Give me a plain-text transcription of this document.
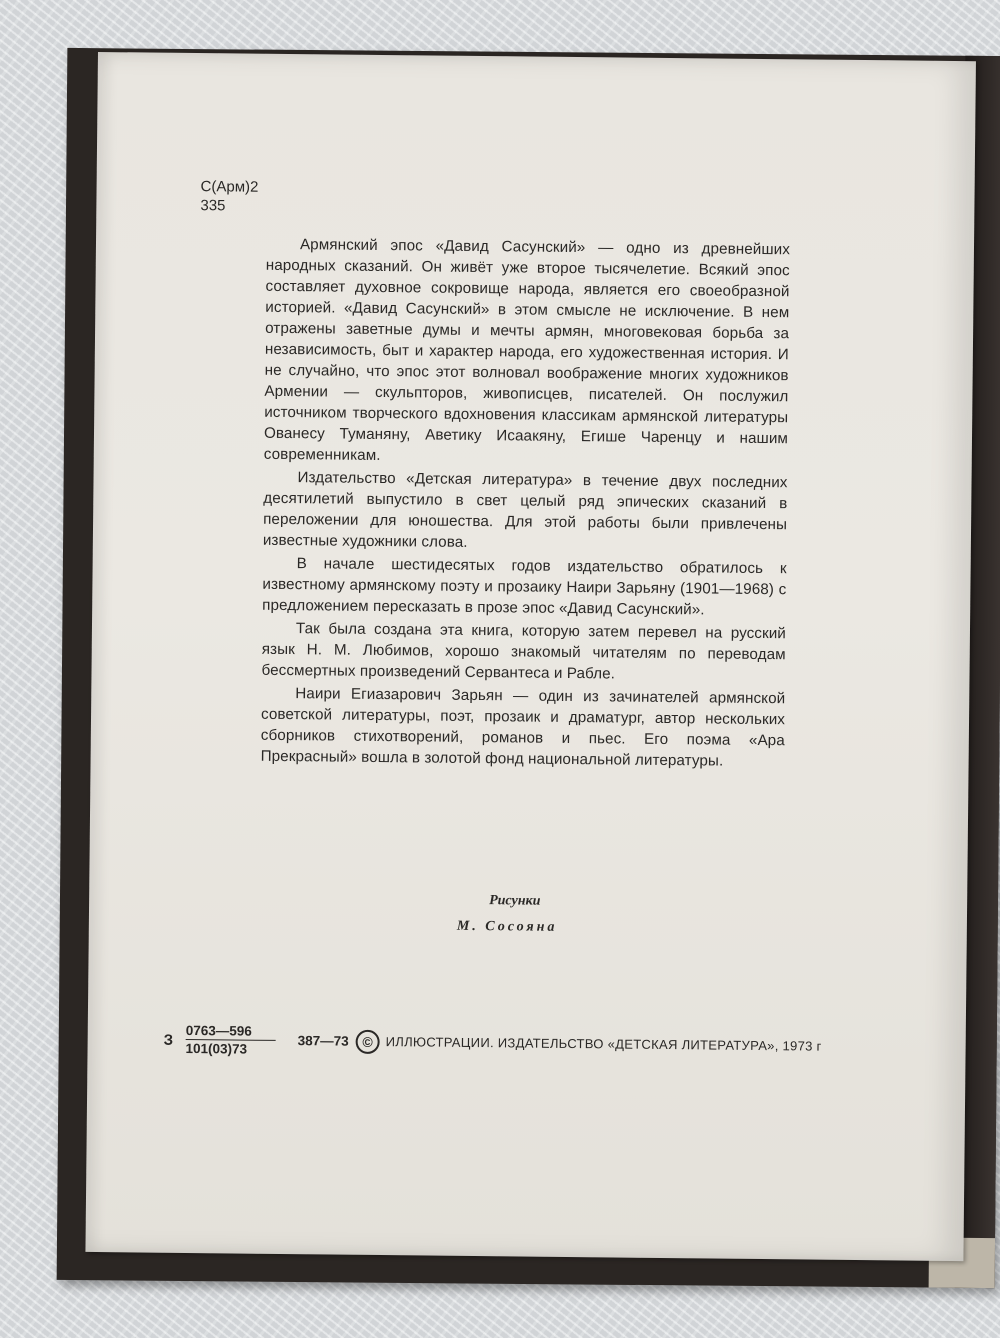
С(Арм)2
335

Армянский эпос «Давид Сасунский» — одно из древнейших народных сказаний. Он живёт уже второе тысячелетие. Всякий эпос составляет духовное сокровище народа, является его своеобразной историей. «Давид Сасунский» в этом смысле не исключение. В нем отражены заветные думы и мечты армян, многовековая борьба за независимость, быт и характер народа, его художественная история. И не случайно, что эпос этот волновал воображение многих художников Армении — скульпторов, живописцев, писателей. Он послужил источником творческого вдохновения классикам армянской литературы Ованесу Туманяну, Аветику Исаакяну, Егише Чаренцу и нашим современникам.

Издательство «Детская литература» в течение двух последних десятилетий выпустило в свет целый ряд эпических сказаний в переложении для юношества. Для этой работы были привлечены известные художники слова.

В начале шестидесятых годов издательство обратилось к известному армянскому поэту и прозаику Наири Зарьяну (1901—1968) с предложением пересказать в прозе эпос «Давид Сасунский».

Так была создана эта книга, которую затем перевел на русский язык Н. М. Любимов, хорошо знакомый читателям по переводам бессмертных произведений Сервантеса и Рабле.

Наири Егиазарович Зарьян — один из зачинателей армянской советской литературы, поэт, прозаик и драматург, автор нескольких сборников стихотворений, романов и пьес. Его поэма «Ара Прекрасный» вошла в золотой фонд национальной литературы.

Рисунки
М. Сосояна
З $\frac{0763—596}{101(03)73}$ 387—73 © ИЛЛЮСТРАЦИИ. ИЗДАТЕЛЬСТВО «ДЕТСКАЯ ЛИТЕРАТУРА», 1973 г
